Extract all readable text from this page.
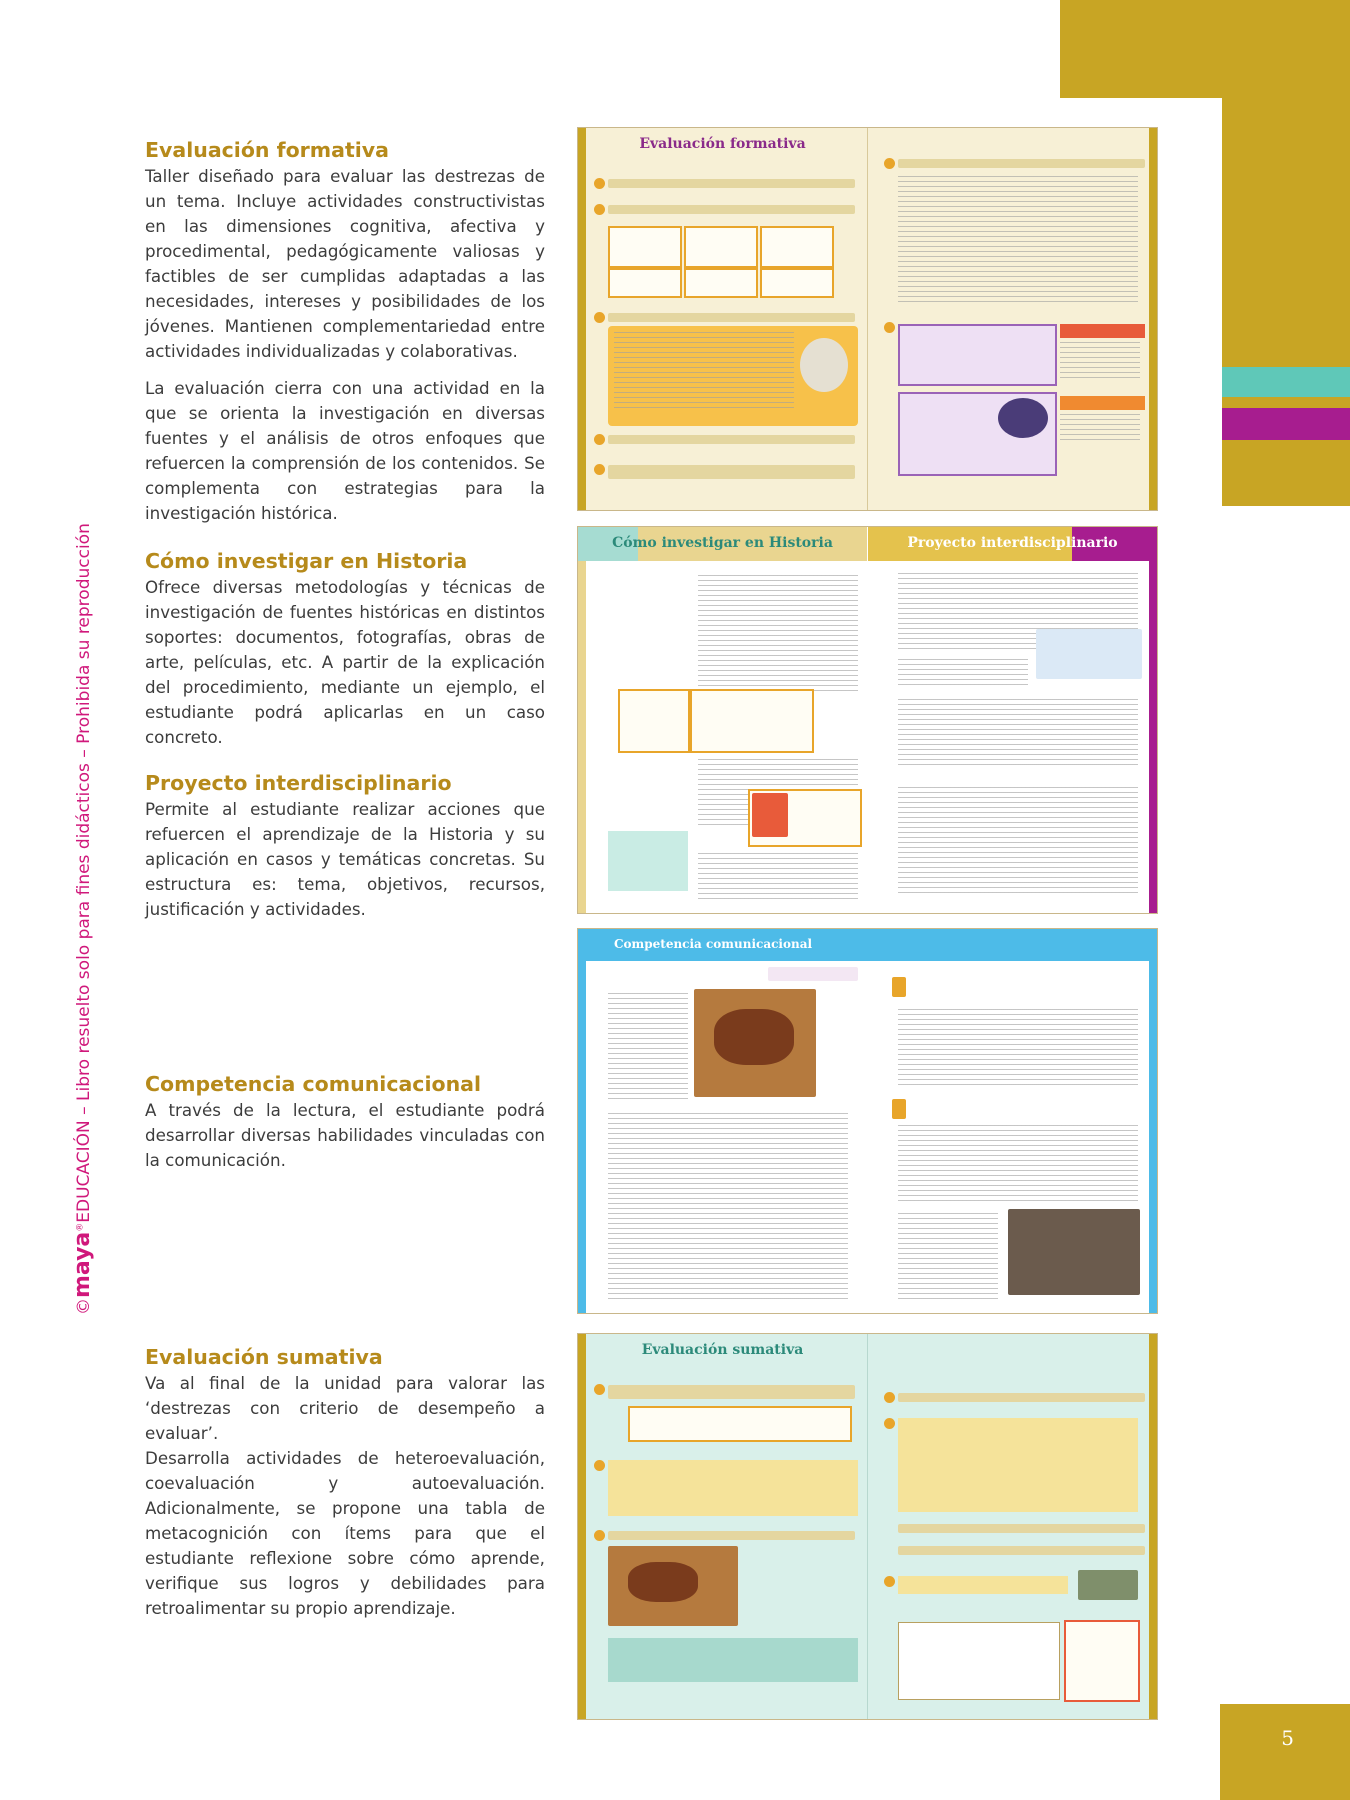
5
©maya®EDUCACIÓN – Libro resuelto solo para fines didácticos – Prohibida su reproducción
Evaluación formativa

Taller diseñado para evaluar las destrezas de un tema. Incluye actividades constructivistas en las dimensiones cognitiva, afectiva y procedimental, pedagógicamente valiosas y factibles de ser cumplidas adaptadas a las necesidades, intereses y posibilidades de los jóvenes. Mantienen complementariedad entre actividades individualizadas y colaborativas.

La evaluación cierra con una actividad en la que se orienta la investigación en diversas fuentes y el análisis de otros enfoques que refuercen la comprensión de los contenidos. Se complementa con estrategias para la investigación histórica.

Cómo investigar en Historia

Ofrece diversas metodologías y técnicas de investigación de fuentes históricas en distintos soportes: documentos, fotografías, obras de arte, películas, etc. A partir de la explicación del procedimiento, mediante un ejemplo, el estudiante podrá aplicarlas en un caso concreto.

Proyecto interdisciplinario

Permite al estudiante realizar acciones que refuercen el aprendizaje de la Historia y su aplicación en casos y temáticas concretas. Su estructura es: tema, objetivos, recursos, justificación y actividades.

Competencia comunicacional

A través de la lectura, el estudiante podrá desarrollar diversas habilidades vinculadas con la comunicación.

Evaluación sumativa

Va al final de la unidad para valorar las ‘destrezas con criterio de desempeño a evaluar’.

Desarrolla actividades de heteroevaluación, coevaluación y autoevaluación. Adicionalmente, se propone una tabla de metacognición con ítems para que el estudiante reflexione sobre cómo aprende, verifique sus logros y debilidades para retroalimentar su propio aprendizaje.

Evaluación formativa
Cómo investigar en Historia	Proyecto interdisciplinario
Competencia comunicacional
Evaluación sumativa
